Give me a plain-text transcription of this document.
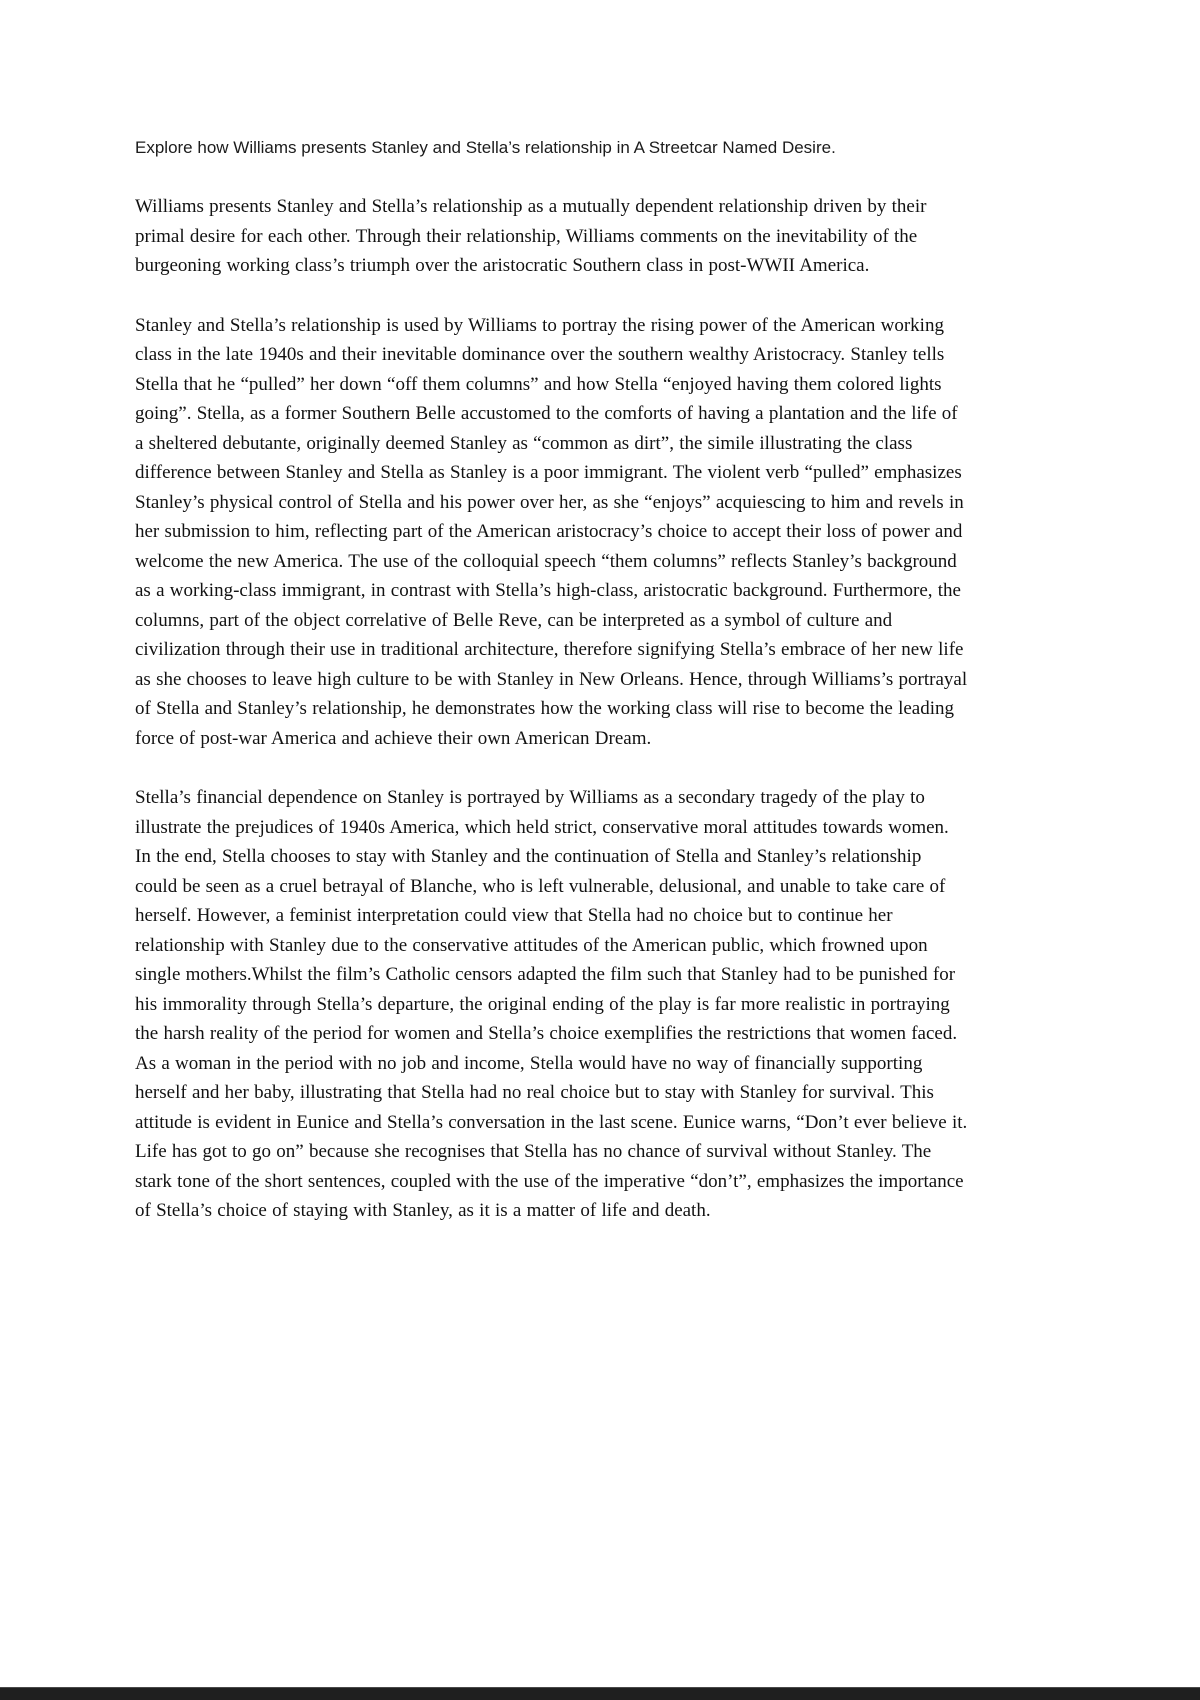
Explore how Williams presents Stanley and Stella’s relationship in A Streetcar Named Desire.

Williams presents Stanley and Stella’s relationship as a mutually dependent relationship driven by their primal desire for each other. Through their relationship, Williams comments on the inevitability of the burgeoning working class’s triumph over the aristocratic Southern class in post-WWII America.

Stanley and Stella’s relationship is used by Williams to portray the rising power of the American working class in the late 1940s and their inevitable dominance over the southern wealthy Aristocracy. Stanley tells Stella that he “pulled” her down “off them columns” and how Stella “enjoyed having them colored lights going”. Stella, as a former Southern Belle accustomed to the comforts of having a plantation and the life of a sheltered debutante, originally deemed Stanley as “common as dirt”, the simile illustrating the class difference between Stanley and Stella as Stanley is a poor immigrant. The violent verb “pulled” emphasizes Stanley’s physical control of Stella and his power over her, as she “enjoys” acquiescing to him and revels in her submission to him, reflecting part of the American aristocracy’s choice to accept their loss of power and welcome the new America. The use of the colloquial speech “them columns” reflects Stanley’s background as a working-class immigrant, in contrast with Stella’s high-class, aristocratic background. Furthermore, the columns, part of the object correlative of Belle Reve, can be interpreted as a symbol of culture and civilization through their use in traditional architecture, therefore signifying Stella’s embrace of her new life as she chooses to leave high culture to be with Stanley in New Orleans. Hence, through Williams’s portrayal of Stella and Stanley’s relationship, he demonstrates how the working class will rise to become the leading force of post-war America and achieve their own American Dream.

Stella’s financial dependence on Stanley is portrayed by Williams as a secondary tragedy of the play to illustrate the prejudices of 1940s America, which held strict, conservative moral attitudes towards women. In the end, Stella chooses to stay with Stanley and the continuation of Stella and Stanley’s relationship could be seen as a cruel betrayal of Blanche, who is left vulnerable, delusional, and unable to take care of herself. However, a feminist interpretation could view that Stella had no choice but to continue her relationship with Stanley due to the conservative attitudes of the American public, which frowned upon single mothers.Whilst the film’s Catholic censors adapted the film such that Stanley had to be punished for his immorality through Stella’s departure, the original ending of the play is far more realistic in portraying the harsh reality of the period for women and Stella’s choice exemplifies the restrictions that women faced. As a woman in the period with no job and income, Stella would have no way of financially supporting herself and her baby, illustrating that Stella had no real choice but to stay with Stanley for survival. This attitude is evident in Eunice and Stella’s conversation in the last scene. Eunice warns, “Don’t ever believe it. Life has got to go on” because she recognises that Stella has no chance of survival without Stanley. The stark tone of the short sentences, coupled with the use of the imperative “don’t”, emphasizes the importance of Stella’s choice of staying with Stanley, as it is a matter of life and death.
